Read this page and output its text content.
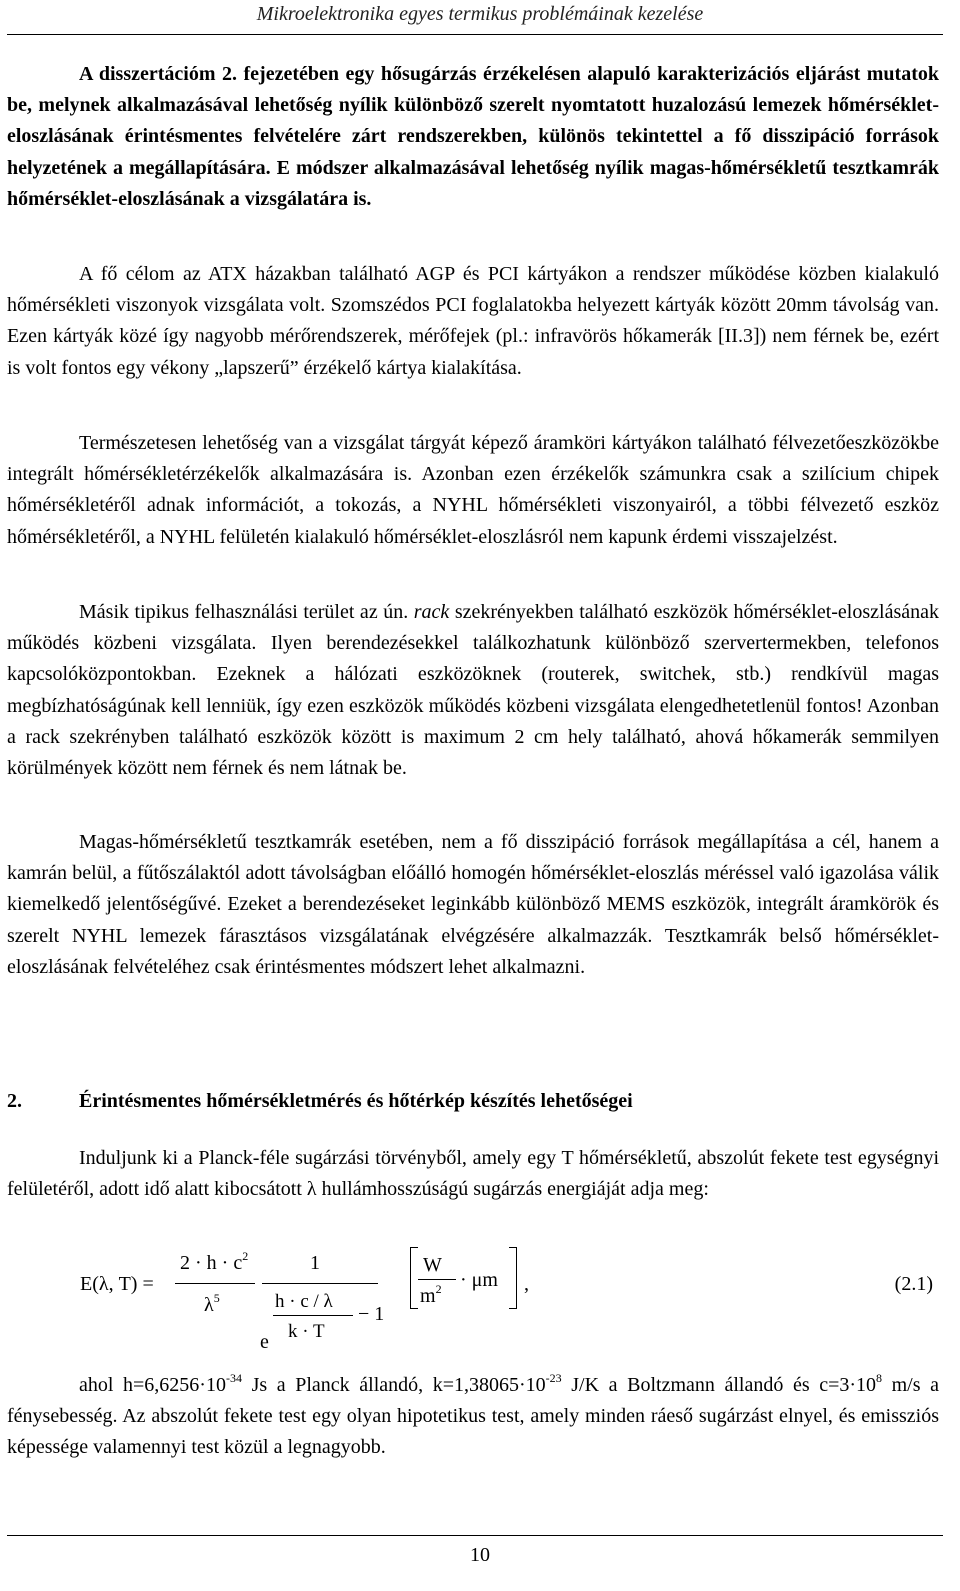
Mikroelektronika egyes termikus problémáinak kezelése

A disszertációm 2. fejezetében egy hősugárzás érzékelésen alapuló karakterizációs eljárást mutatok be, melynek alkalmazásával lehetőség nyílik különböző szerelt nyomtatott huzalozású lemezek hőmérséklet-eloszlásának érintésmentes felvételére zárt rendszerekben, különös tekintettel a fő disszipáció források helyzetének a megállapítására. E módszer alkalmazásával lehetőség nyílik magas-hőmérsékletű tesztkamrák hőmérséklet-eloszlásának a vizsgálatára is.

A fő célom az ATX házakban található AGP és PCI kártyákon a rendszer működése közben kialakuló hőmérsékleti viszonyok vizsgálata volt. Szomszédos PCI foglalatokba helyezett kártyák között 20mm távolság van. Ezen kártyák közé így nagyobb mérőrendszerek, mérőfejek (pl.: infravörös hőkamerák [II.3]) nem férnek be, ezért is volt fontos egy vékony „lapszerű” érzékelő kártya kialakítása.

Természetesen lehetőség van a vizsgálat tárgyát képező áramköri kártyákon található félvezetőeszközökbe integrált hőmérsékletérzékelők alkalmazására is. Azonban ezen érzékelők számunkra csak a szilícium chipek hőmérsékletéről adnak információt, a tokozás, a NYHL hőmérsékleti viszonyairól, a többi félvezető eszköz hőmérsékletéről, a NYHL felületén kialakuló hőmérséklet-eloszlásról nem kapunk érdemi visszajelzést.

Másik tipikus felhasználási terület az ún. rack szekrényekben található eszközök hőmérséklet-eloszlásának működés közbeni vizsgálata. Ilyen berendezésekkel találkozhatunk különböző szervertermekben, telefonos kapcsolóközpontokban. Ezeknek a hálózati eszközöknek (routerek, switchek, stb.) rendkívül magas megbízhatóságúnak kell lenniük, így ezen eszközök működés közbeni vizsgálata elengedhetetlenül fontos! Azonban a rack szekrényben található eszközök között is maximum 2 cm hely található, ahová hőkamerák semmilyen körülmények között nem férnek és nem látnak be.

Magas-hőmérsékletű tesztkamrák esetében, nem a fő disszipáció források megállapítása a cél, hanem a kamrán belül, a fűtőszálaktól adott távolságban előálló homogén hőmérséklet-eloszlás méréssel való igazolása válik kiemelkedő jelentőségűvé. Ezeket a berendezéseket leginkább különböző MEMS eszközök, integrált áramkörök és szerelt NYHL lemezek fárasztásos vizsgálatának elvégzésére alkalmazzák. Tesztkamrák belső hőmérséklet-eloszlásának felvételéhez csak érintésmentes módszert lehet alkalmazni.

2.	Érintésmentes hőmérsékletmérés és hőtérkép készítés lehetőségei

Induljunk ki a Planck-féle sugárzási törvényből, amely egy T hőmérsékletű, abszolút fekete test egységnyi felületéről, adott idő alatt kibocsátott λ hullámhosszúságú sugárzás energiáját adja meg:

E(λ, T) =
$2 \cdot h \cdot c^2$
$\lambda^5$
1
h · c / λ
k · T
− 1
e
W
$m^2 \cdot \mu m$ ,	(2.1)

ahol $h=6,6256\cdot 10^{-34}$ Js a Planck állandó, $k=1,38065\cdot 10^{-23}$ J/K a Boltzmann állandó és $c=3\cdot 10^8$ m/s a fénysebesség. Az abszolút fekete test egy olyan hipotetikus test, amely minden ráeső sugárzást elnyel, és emissziós képessége valamennyi test közül a legnagyobb.

10
